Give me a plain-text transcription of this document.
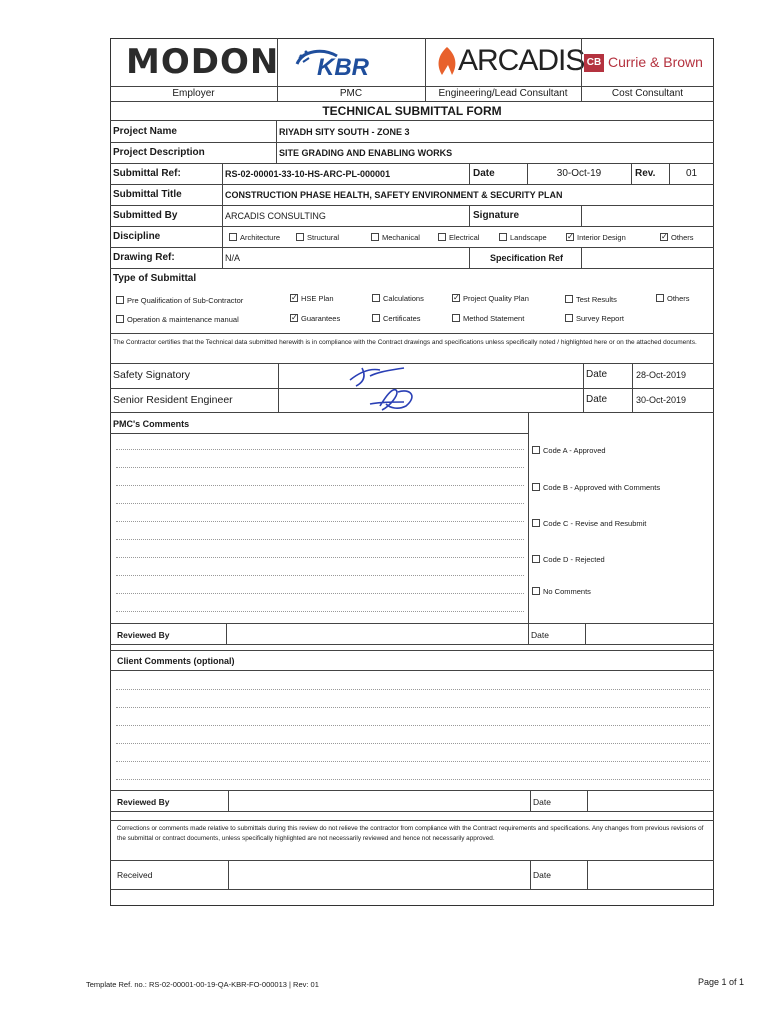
MODON KBR	ARCADIS CB Currie & Brown
Employer	PMC	Engineering/Lead Consultant	Cost Consultant
TECHNICAL SUBMITTAL FORM
Project Name	RIYADH SITY SOUTH - ZONE 3
Project Description	SITE GRADING AND ENABLING WORKS
Submittal Ref:	RS-02-00001-33-10-HS-ARC-PL-000001	Date	30-Oct-19	Rev.	01
Submittal Title	CONSTRUCTION PHASE HEALTH, SAFETY ENVIRONMENT & SECURITY PLAN
Submitted By	ARCADIS CONSULTING	Signature
Discipline	Architecture	Structural	Mechanical	Electrical	Landscape	✓ Interior Design	✓ Others
Drawing Ref:	N/A	Specification Ref
Type of Submittal
Pre Qualification of Sub-Contractor	✓ HSE Plan	Calculations	✓ Project Quality Plan	Test Results	Others
Operation & maintenance manual	✓ Guarantees	Certificates	Method Statement	Survey Report
The Contractor certifies that the Technical data submitted herewith is in compliance with the Contract drawings and specifications unless specifically noted / highlighted here or on the attached documents.
Safety Signatory	Date	28-Oct-2019
Senior Resident Engineer	Date	30-Oct-2019
PMC's Comments
Code A - Approved
Code B - Approved with Comments
Code C - Revise and Resubmit
Code D - Rejected
No Comments
Reviewed By	Date
Client Comments (optional)
Reviewed By	Date
Corrections or comments made relative to submittals during this review do not relieve the contractor from compliance with the Contract requirements and specifications. Any changes from previous revisions of the submittal or contract documents, unless specifically highlighted are not necessarily reviewed and hence not necessarily approved.
Received	Date
Template Ref. no.: RS-02-00001-00-19-QA-KBR-FO-000013 | Rev: 01	Page 1 of 1
